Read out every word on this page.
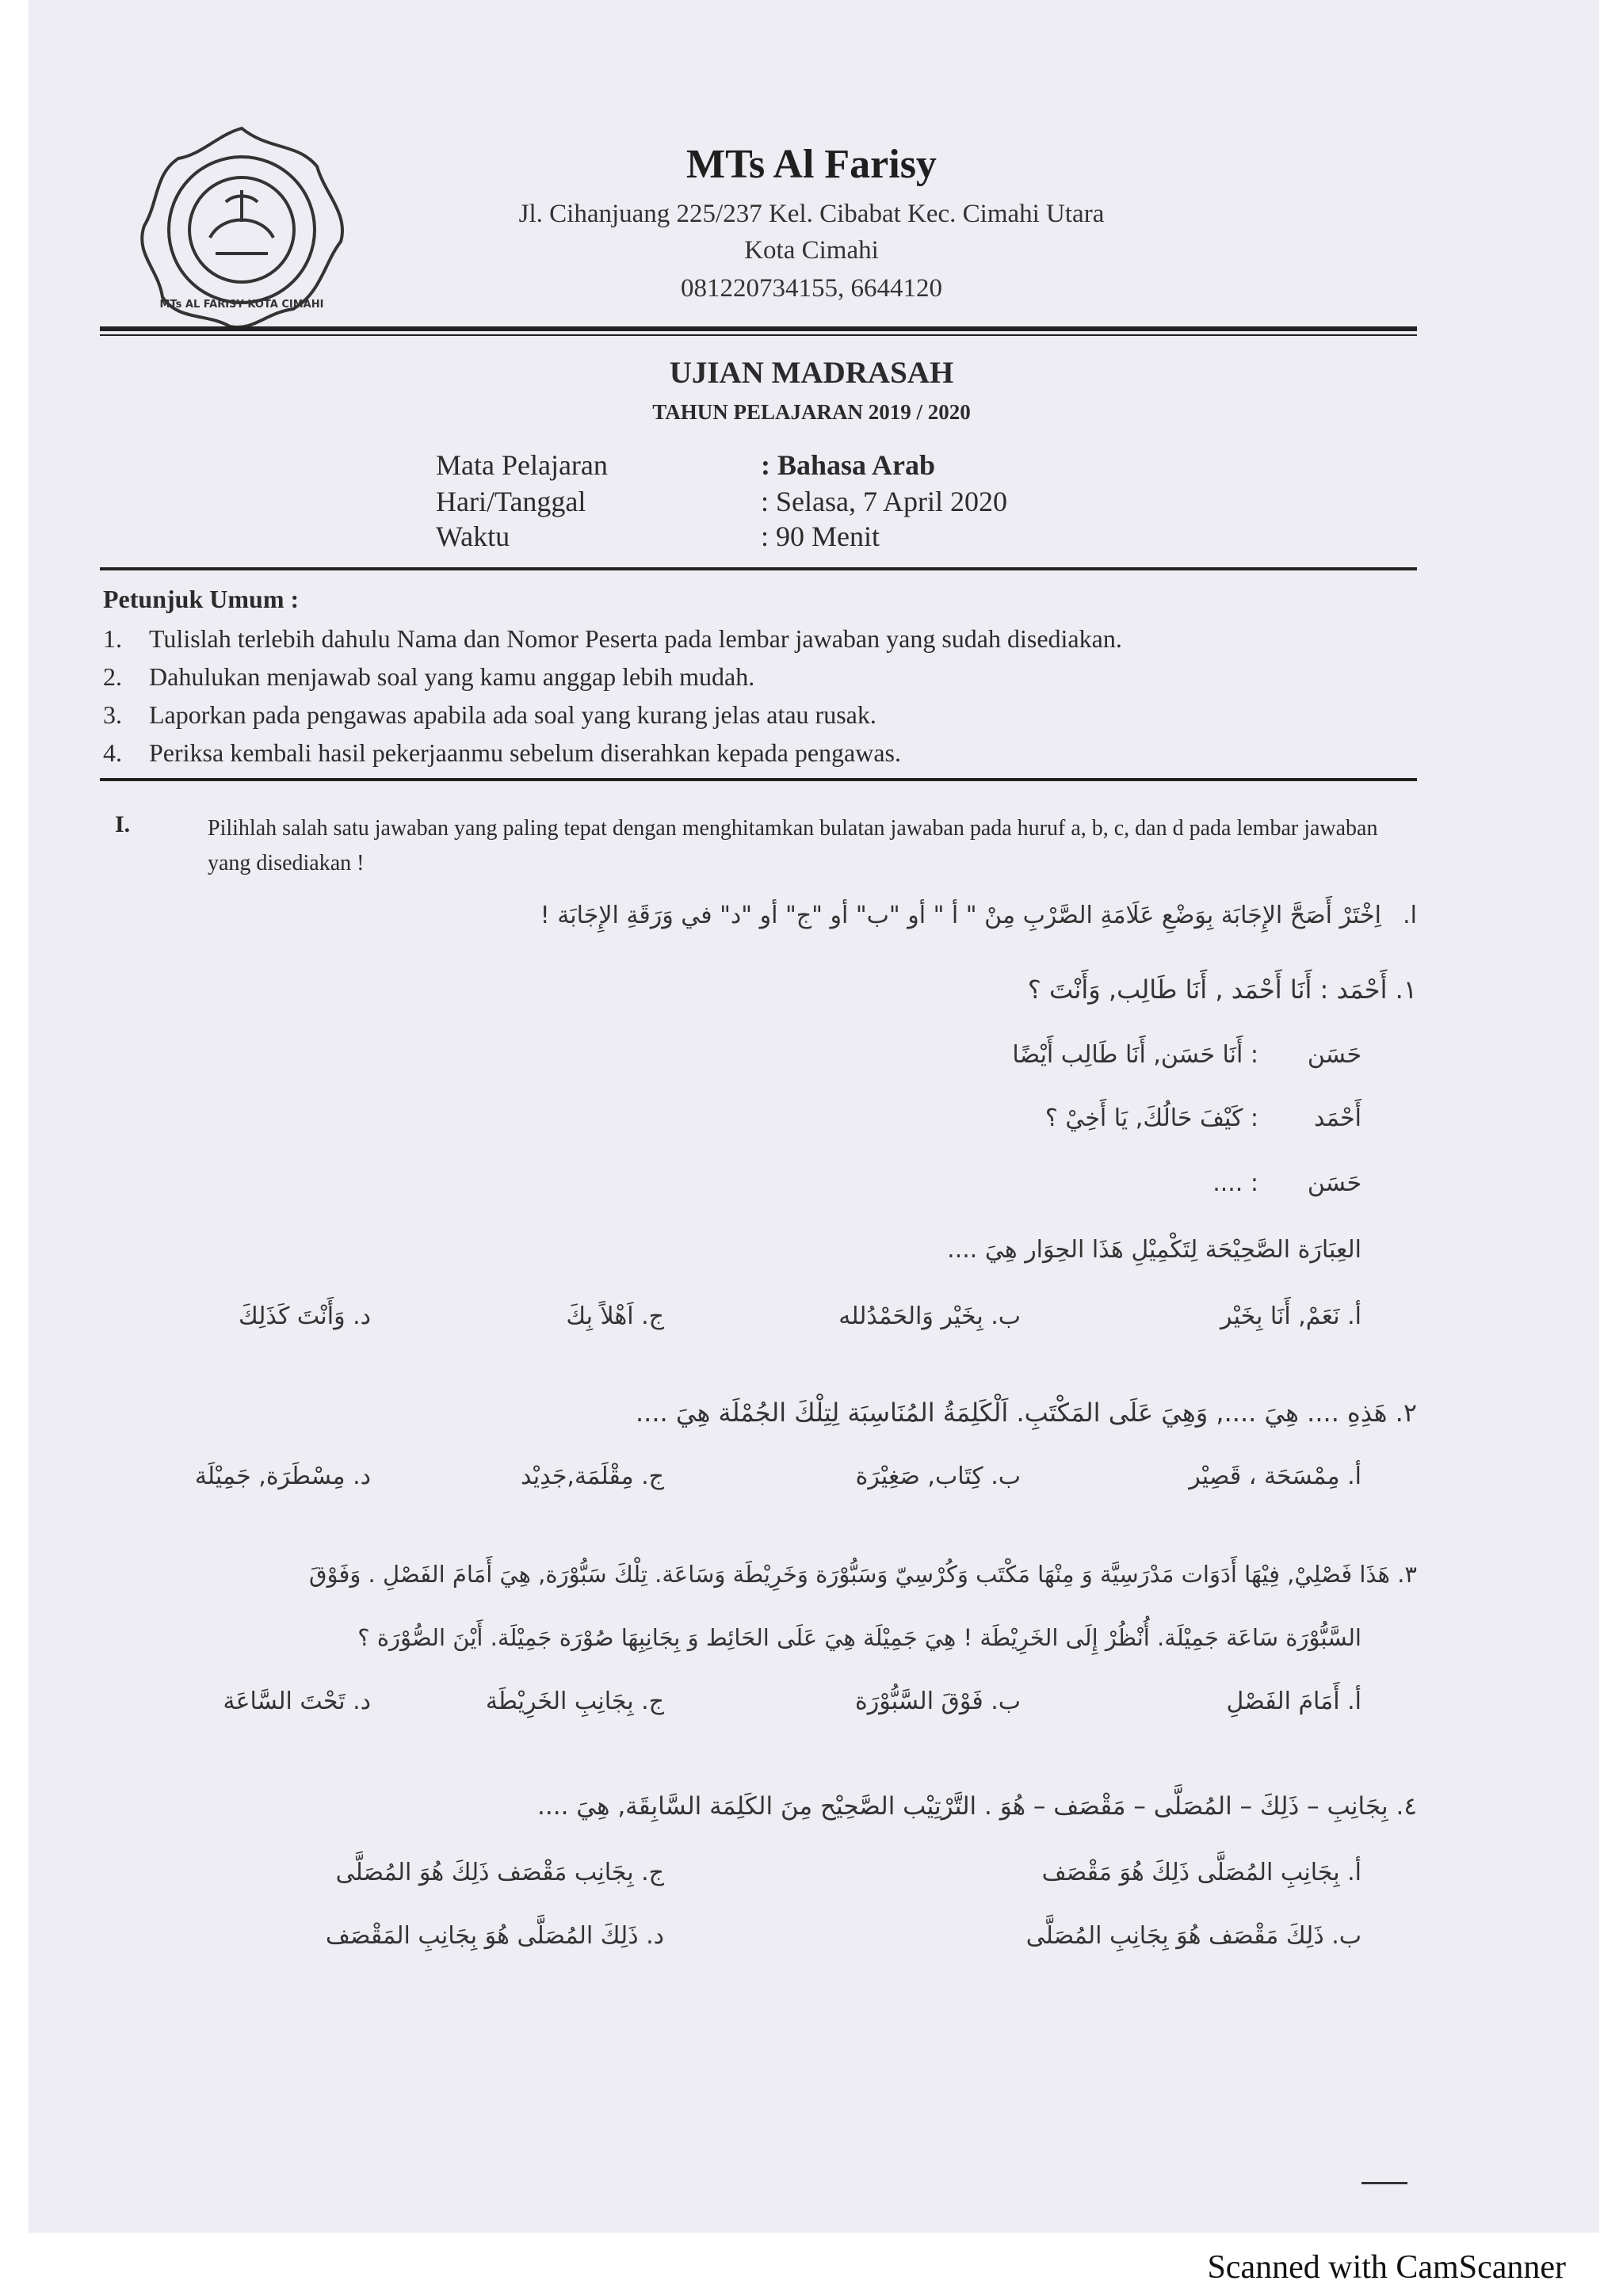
MTs AL FARISY KOTA CIMAHI
MTs Al Farisy
Jl. Cihanjuang 225/237 Kel. Cibabat Kec. Cimahi Utara
Kota Cimahi
081220734155, 6644120
UJIAN MADRASAH
TAHUN PELAJARAN 2019 / 2020
Mata Pelajaran	: Bahasa Arab
Hari/Tanggal	: Selasa, 7 April 2020
Waktu	: 90 Menit
Petunjuk Umum :
1. Tulislah terlebih dahulu Nama dan Nomor Peserta pada lembar jawaban yang sudah disediakan.
2. Dahulukan menjawab soal yang kamu anggap lebih mudah.
3. Laporkan pada pengawas apabila ada soal yang kurang jelas atau rusak.
4. Periksa kembali hasil pekerjaanmu sebelum diserahkan kepada pengawas.
I.	Pilihlah salah satu jawaban yang paling tepat dengan menghitamkan bulatan jawaban pada huruf a, b, c, dan d pada lembar jawaban yang disediakan !
اِخْتَرْ أَصَحَّ الإِجَابَة بِوَضْعِ عَلَامَةِ الصَّرْبِ مِنْ " أ " أو "ب" أو "ج" أو "د" في وَرَقَةِ الإِجَابَة ! ا.
١. أَحْمَد : أَنَا أَحْمَد , أَنَا طَالِب, وَأَنْتَ ؟
حَسَن
: أَنَا حَسَن, أَنَا طَالِب أَيْضًا
أَحْمَد
: كَيْفَ حَالُكَ, يَا أَخِيْ ؟
حَسَن
: ....
العِبَارَة الصَّحِيْحَة لِتَكْمِيْلِ هَذَا الحِوَار هِيَ ....
أ. نَعَمْ, أَنَا بِخَيْر
ب. بِخَيْر وَالحَمْدُلله
ج. اَهْلاً بِكَ
د. وَأَنْتَ كَذَلِكَ
٢. هَذِهِ .... هِيَ ...., وَهِيَ عَلَى المَكْتَبِ. اَلْكَلِمَةُ المُنَاسِبَة لِتِلْكَ الجُمْلَة هِيَ ....
أ. مِمْسَحَة ، قَصِيْر
ب. كِتَاب, صَغِيْرَة
ج. مِقْلَمَة,جَدِيْد
د. مِسْطَرَة, جَمِيْلَة
٣. هَذَا فَصْلِيْ, فِيْهَا أَدَوَات مَدْرَسِيَّة وَ مِنْهَا مَكْتَب وَكُرْسِيّ وَسَبُّوْرَة وَخَرِيْطَة وَسَاعَة. تِلْكَ سَبُّوْرَة, هِيَ أَمَامَ الفَصْلِ . وَفَوْقَ
السَّبُّوْرَة سَاعَة جَمِيْلَة. أُنْظُرْ إِلَى الخَرِيْطَة ! هِيَ جَمِيْلَة هِيَ عَلَى الحَائِط وَ بِجَانِبِهَا صُوْرَة جَمِيْلَة. أَيْنَ الصُّوْرَة ؟
أ. أَمَامَ الفَصْلِ
ب. فَوْقَ السَّبُّوْرَة
ج. بِجَانِبِ الخَرِيْطَة
د. تَحْتَ السَّاعَة
٤. بِجَانِبِ – ذَلِكَ – المُصَلَّى – مَقْصَف – هُوَ . التَّرْتِيْب الصَّحِيْح مِنَ الكَلِمَة السَّابِقَة, هِيَ ....
أ. بِجَانِبِ المُصَلَّى ذَلِكَ هُوَ مَقْصَف
ب. ذَلِكَ مَقْصَف هُوَ بِجَانِبِ المُصَلَّى
ج. بِجَانِب مَقْصَف ذَلِكَ هُوَ المُصَلَّى
د. ذَلِكَ المُصَلَّى هُوَ بِجَانِبِ المَقْصَف
Scanned with CamScanner
